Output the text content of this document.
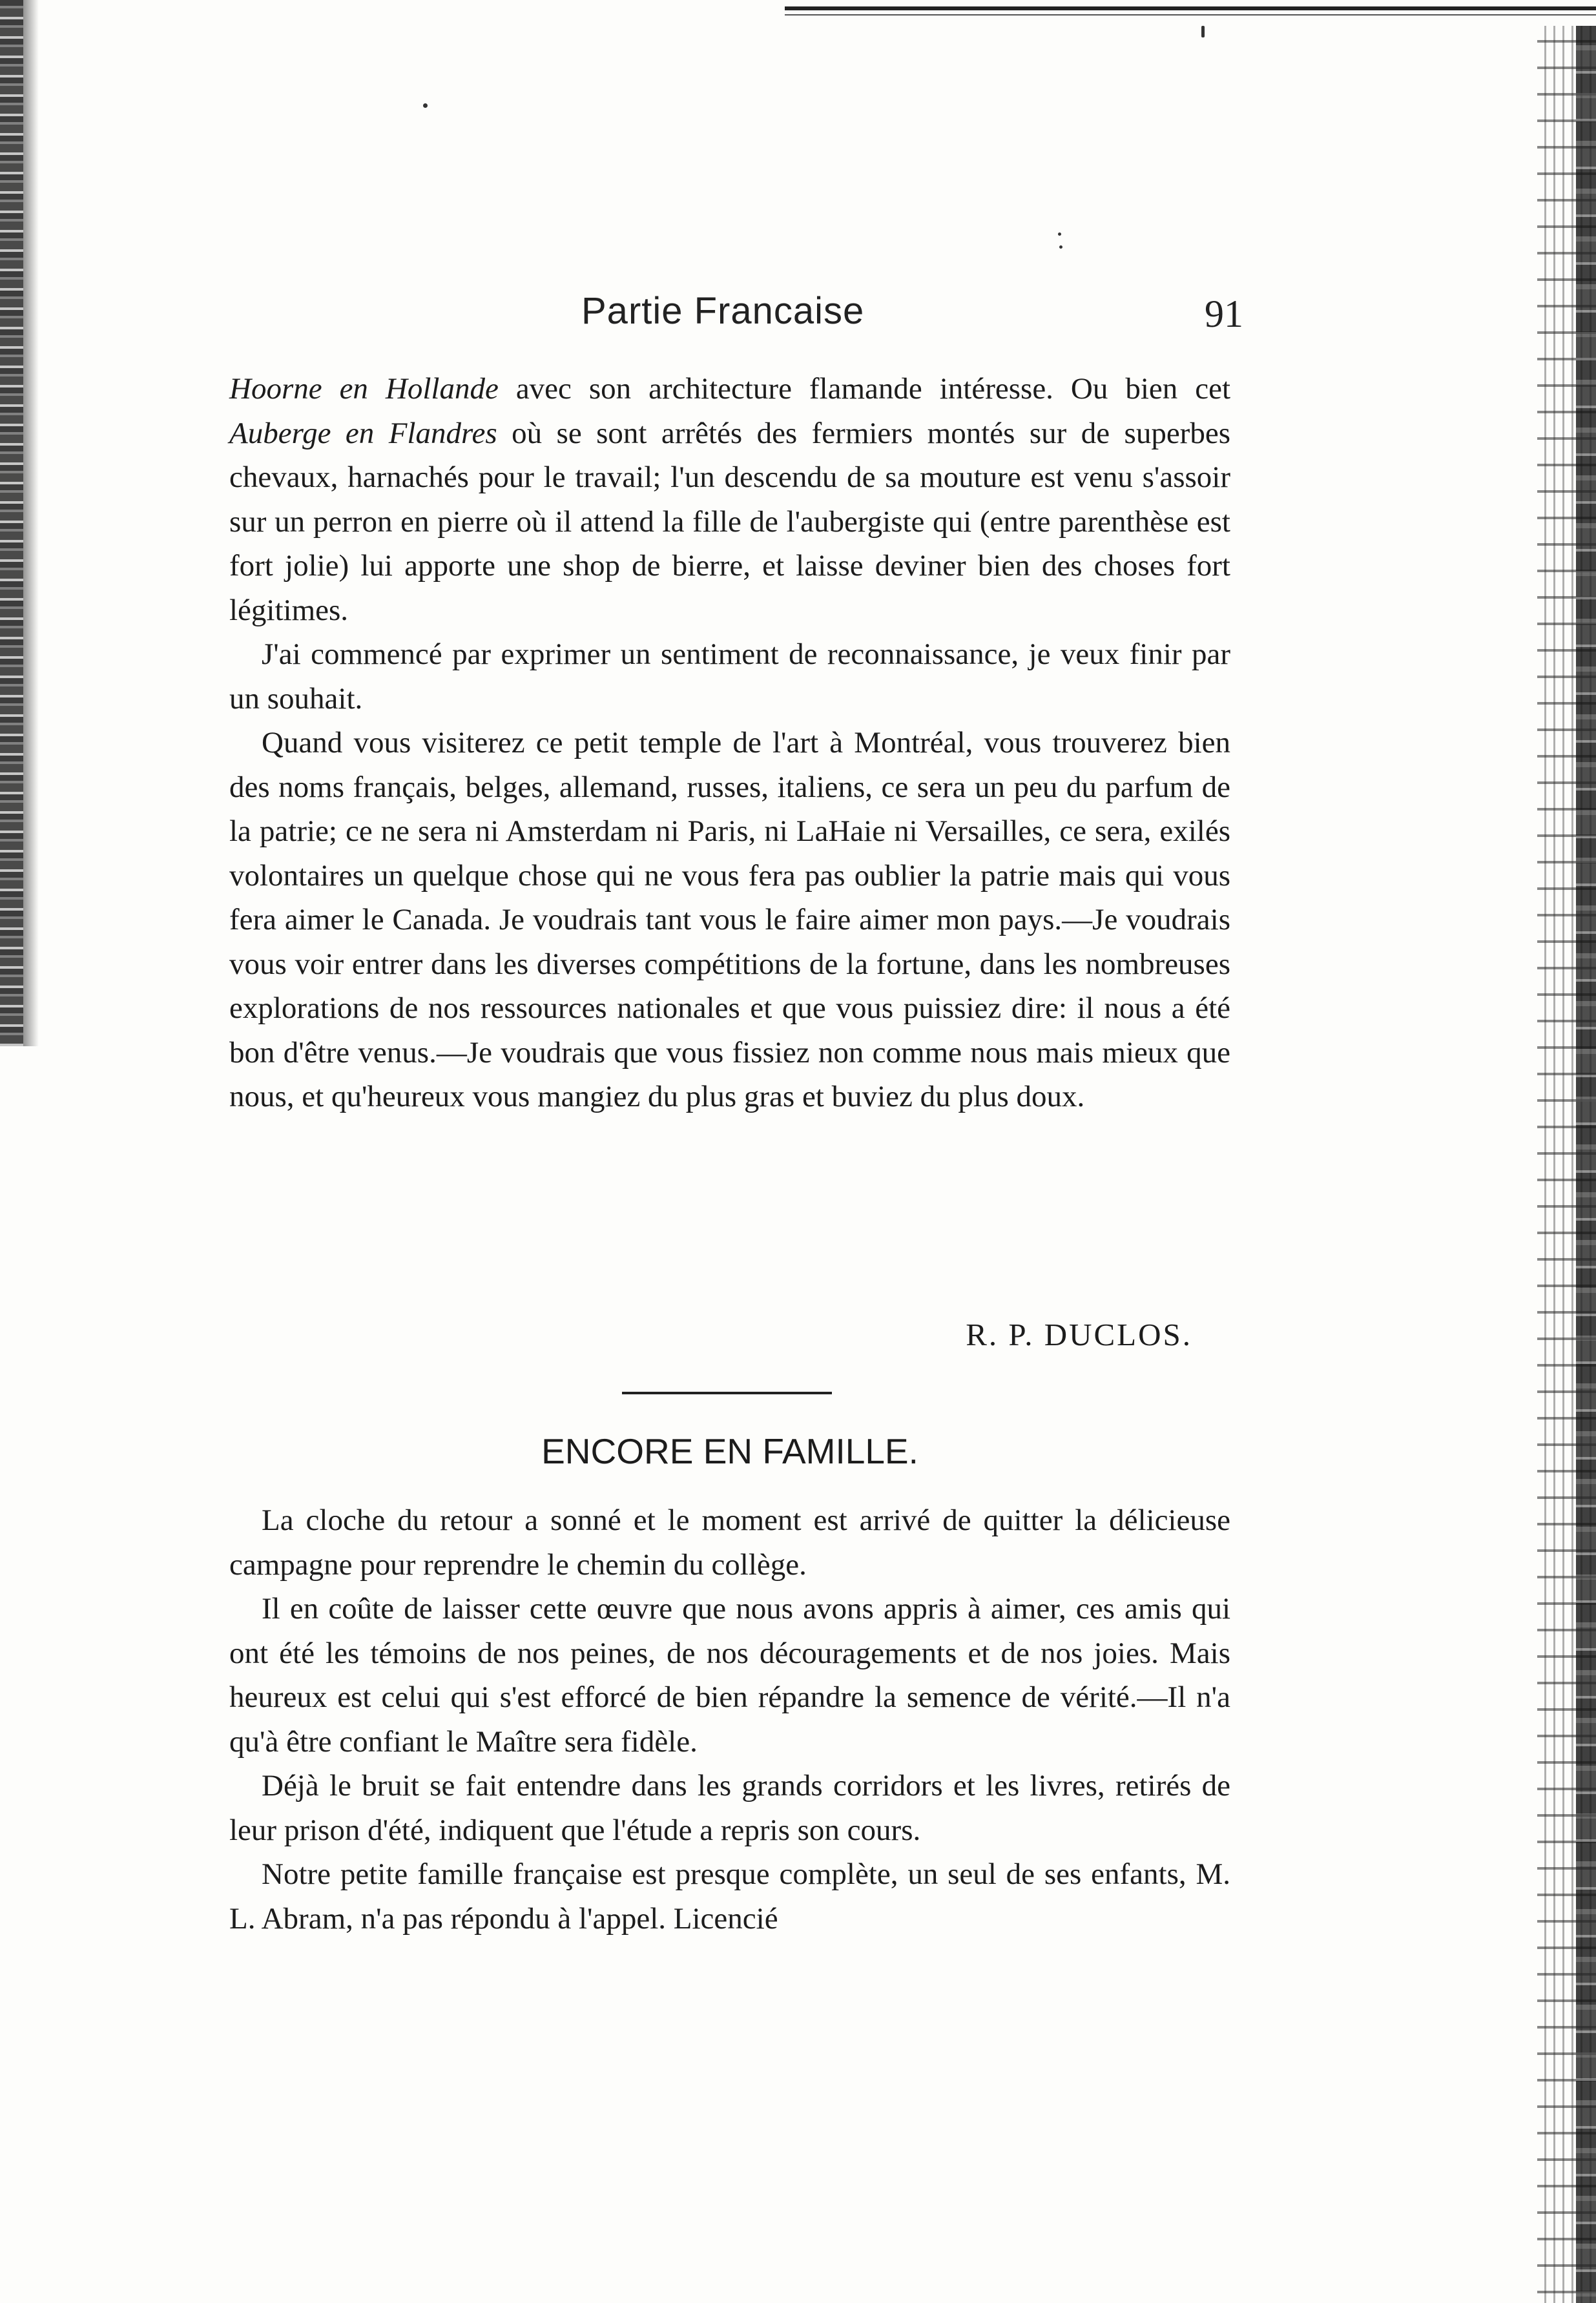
Partie Francaise	91

Hoorne en Hollande avec son architecture flamande intéresse. Ou bien cet Auberge en Flandres où se sont arrêtés des fermiers montés sur de superbes chevaux, harnachés pour le travail; l'un descendu de sa mouture est venu s'assoir sur un perron en pierre où il attend la fille de l'aubergiste qui (entre parenthèse est fort jolie) lui apporte une shop de bierre, et laisse deviner bien des choses fort légitimes.

J'ai commencé par exprimer un sentiment de reconnaissance, je veux finir par un souhait.

Quand vous visiterez ce petit temple de l'art à Montréal, vous trouverez bien des noms français, belges, allemand, russes, italiens, ce sera un peu du parfum de la patrie; ce ne sera ni Amsterdam ni Paris, ni LaHaie ni Versailles, ce sera, exilés volontaires un quelque chose qui ne vous fera pas oublier la patrie mais qui vous fera aimer le Canada. Je voudrais tant vous le faire aimer mon pays.—Je voudrais vous voir entrer dans les diverses compétitions de la fortune, dans les nombreuses explorations de nos ressources nationales et que vous puissiez dire: il nous a été bon d'être venus.—Je voudrais que vous fissiez non comme nous mais mieux que nous, et qu'heureux vous mangiez du plus gras et buviez du plus doux.

R. P. DUCLOS.
ENCORE EN FAMILLE.

La cloche du retour a sonné et le moment est arrivé de quitter la délicieuse campagne pour reprendre le chemin du collège.

Il en coûte de laisser cette œuvre que nous avons appris à aimer, ces amis qui ont été les témoins de nos peines, de nos découragements et de nos joies. Mais heureux est celui qui s'est efforcé de bien répandre la semence de vérité.—Il n'a qu'à être confiant le Maître sera fidèle.

Déjà le bruit se fait entendre dans les grands corridors et les livres, retirés de leur prison d'été, indiquent que l'étude a repris son cours.

Notre petite famille française est presque complète, un seul de ses enfants, M. L. Abram, n'a pas répondu à l'appel. Licencié
